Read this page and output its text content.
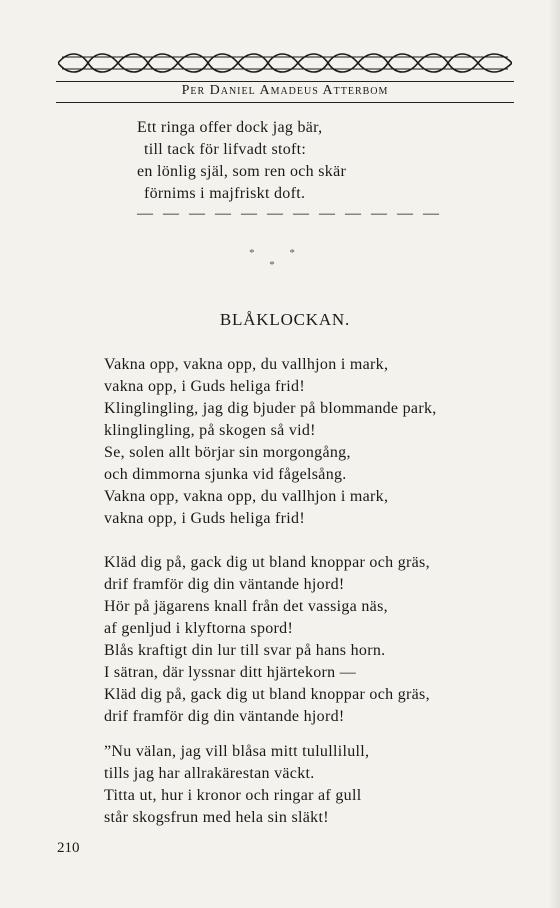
Per Daniel Amadeus Atterbom
Ett ringa offer dock jag bär,
till tack för lifvadt stoft:
en lönlig själ, som ren och skär
förnims i majfriskt doft.
— — — — — — — — — — — —
* * *
BLÅKLOCKAN.
Vakna opp, vakna opp, du vallhjon i mark,
vakna opp, i Guds heliga frid!
Klinglingling, jag dig bjuder på blommande park,
klinglingling, på skogen så vid!
Se, solen allt börjar sin morgongång,
och dimmorna sjunka vid fågelsång.
Vakna opp, vakna opp, du vallhjon i mark,
vakna opp, i Guds heliga frid!
Kläd dig på, gack dig ut bland knoppar och gräs,
drif framför dig din väntande hjord!
Hör på jägarens knall från det vassiga näs,
af genljud i klyftorna spord!
Blås kraftigt din lur till svar på hans horn.
I sätran, där lyssnar ditt hjärtekorn —
Kläd dig på, gack dig ut bland knoppar och gräs,
drif framför dig din väntande hjord!
”Nu välan, jag vill blåsa mitt tulullilull,
tills jag har allrakärestan väckt.
Titta ut, hur i kronor och ringar af gull
står skogsfrun med hela sin släkt!
210
